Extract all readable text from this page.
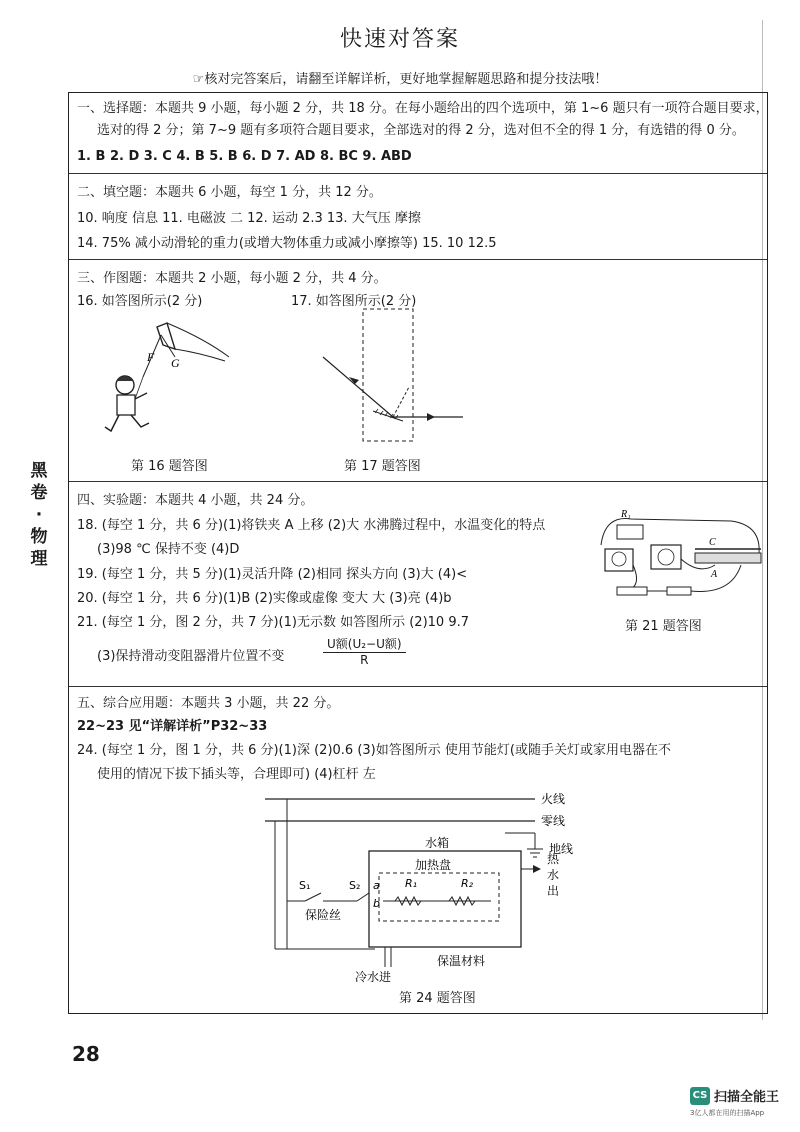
快速对答案
☞核对完答案后，请翻至详解详析，更好地掌握解题思路和提分技法哦！
黑
卷
·
物
理
一、选择题：本题共 9 小题，每小题 2 分，共 18 分。在每小题给出的四个选项中，第 1~6 题只有一项符合题目要求，
选对的得 2 分；第 7~9 题有多项符合题目要求，全部选对的得 2 分，选对但不全的得 1 分，有选错的得 0 分。
1. B 2. D 3. C 4. B 5. B 6. D 7. AD 8. BC 9. ABD
二、填空题：本题共 6 小题，每空 1 分，共 12 分。
10. 响度 信息 11. 电磁波 二 12. 运动 2.3 13. 大气压 摩擦
14. 75% 减小动滑轮的重力(或增大物体重力或减小摩擦等) 15. 10 12.5
三、作图题：本题共 2 小题，每小题 2 分，共 4 分。
16. 如答图所示(2 分)	17. 如答图所示(2 分)
F G
第 16 题答图	第 17 题答图
四、实验题：本题共 4 小题，共 24 分。
18. (每空 1 分，共 6 分)(1)将铁夹 A 上移 (2)大 水沸腾过程中，水温变化的特点
(3)98 ℃ 保持不变 (4)D
19. (每空 1 分，共 5 分)(1)灵活升降 (2)相同 探头方向 (3)大 (4)<
20. (每空 1 分，共 6 分)(1)B (2)实像或虚像 变大 大 (3)亮 (4)b
21. (每空 1 分，图 2 分，共 7 分)(1)无示数 如答图所示 (2)10 9.7
(3)保持滑动变阻器滑片位置不变
U额(U₂−U额)
R
R₁
C
A
第 21 题答图
五、综合应用题：本题共 3 小题，共 22 分。
22~23 见“详解详析”P32~33
24. (每空 1 分，图 1 分，共 6 分)(1)深 (2)0.6 (3)如答图所示 使用节能灯(或随手关灯或家用电器在不
使用的情况下拔下插头等，合理即可) (4)杠杆 左
火线
零线
S₁	S₂ a
b
保险丝
水箱
加热盘
R₁	R₂
热
水
出
地线
冷水进
保温材料
第 24 题答图
28
CS 扫描全能王
3亿人都在用的扫描App
